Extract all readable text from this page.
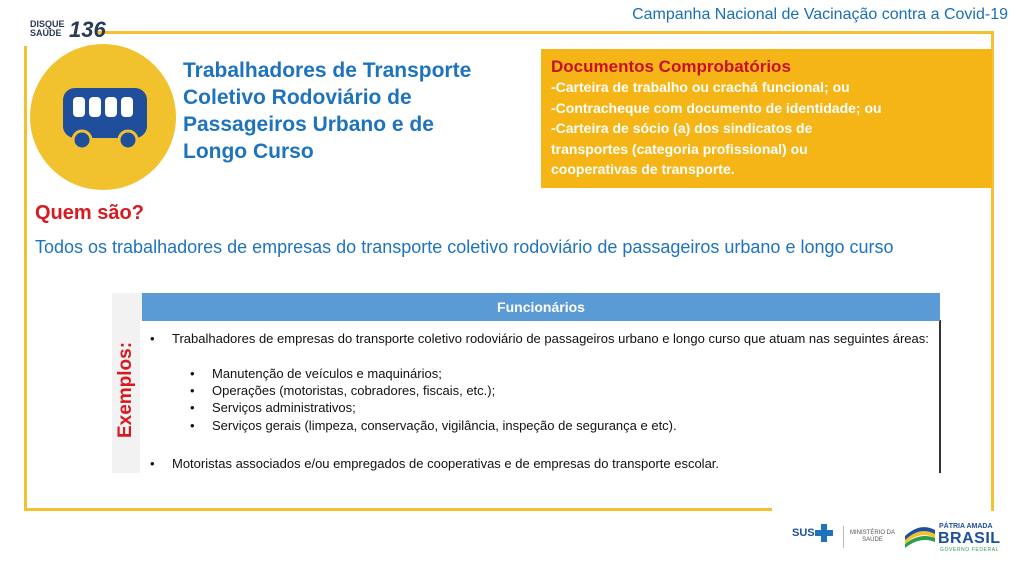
Campanha Nacional de Vacinação contra a Covid-19
DISQUE
SAÚDE 136
Trabalhadores de Transporte
Coletivo Rodoviário de
Passageiros Urbano e de
Longo Curso
Documentos Comprobatórios
-Carteira de trabalho ou crachá funcional; ou
-Contracheque com documento de identidade; ou
-Carteira de sócio (a) dos sindicatos de
transportes (categoria profissional) ou
cooperativas de transporte.
Quem são?
Todos os trabalhadores de empresas do transporte coletivo rodoviário de passageiros urbano e longo curso
Funcionários
Exemplos:
• Trabalhadores de empresas do transporte coletivo rodoviário de passageiros urbano e longo curso que atuam nas seguintes áreas:
• Manutenção de veículos e maquinários;
• Operações (motoristas, cobradores, fiscais, etc.);
• Serviços administrativos;
• Serviços gerais (limpeza, conservação, vigilância, inspeção de segurança e etc).
• Motoristas associados e/ou empregados de cooperativas e de empresas do transporte escolar.
SUS	MINISTÉRIO DA
SAÚDE
PÁTRIA AMADA
BRASIL
GOVERNO FEDERAL
